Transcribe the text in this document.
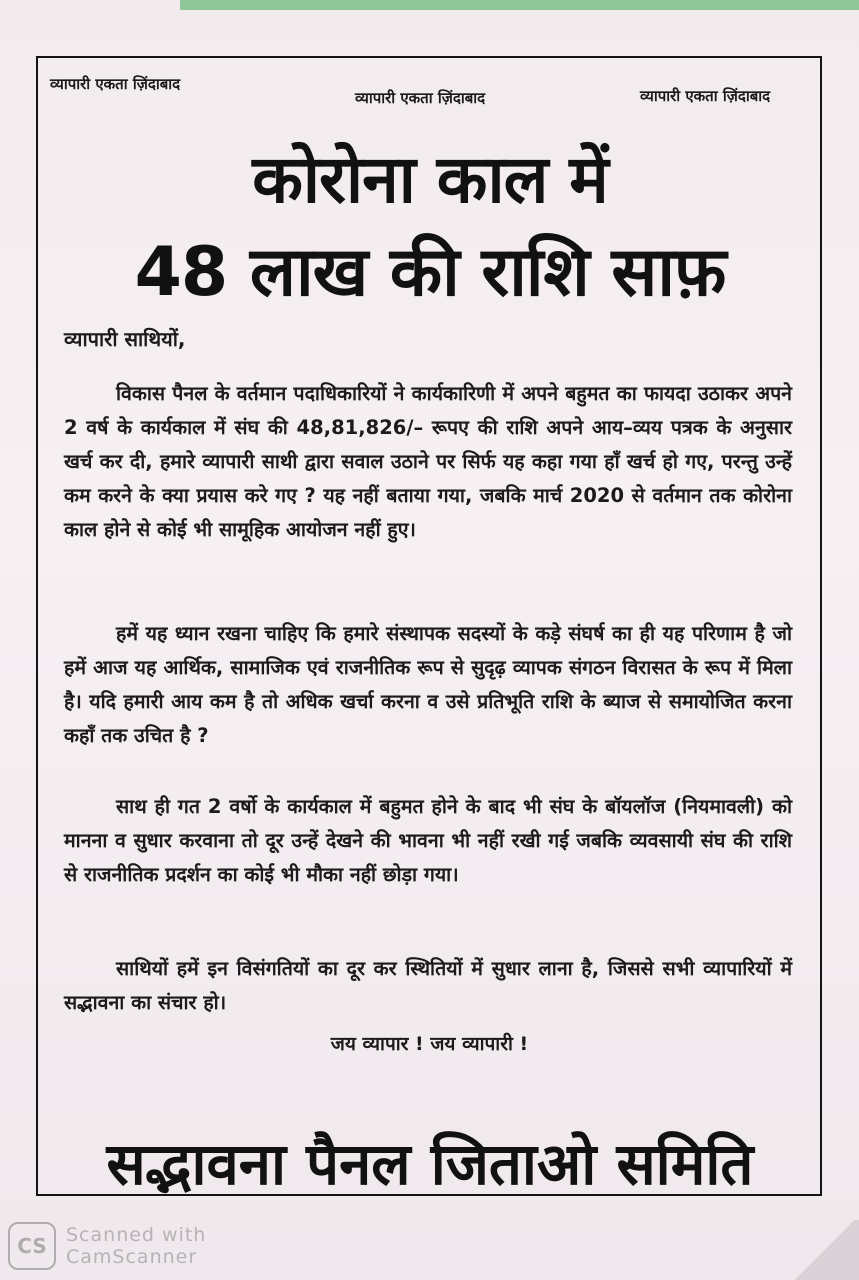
व्यापारी एकता ज़िंदाबाद
व्यापारी एकता ज़िंदाबाद	व्यापारी एकता ज़िंदाबाद
कोरोना काल में
48 लाख की राशि साफ़
व्यापारी साथियों,
विकास पैनल के वर्तमान पदाधिकारियों ने कार्यकारिणी में अपने बहुमत का फायदा उठाकर अपने 2 वर्ष के कार्यकाल में संघ की 48,81,826/– रूपए की राशि अपने आय–व्यय पत्रक के अनुसार खर्च कर दी, हमारे व्यापारी साथी द्वारा सवाल उठाने पर सिर्फ यह कहा गया हाँ खर्च हो गए, परन्तु उन्हें कम करने के क्या प्रयास करे गए ? यह नहीं बताया गया, जबकि मार्च 2020 से वर्तमान तक कोरोना काल होने से कोई भी सामूहिक आयोजन नहीं हुए।
हमें यह ध्यान रखना चाहिए कि हमारे संस्थापक सदस्यों के कड़े संघर्ष का ही यह परिणाम है जो हमें आज यह आर्थिक, सामाजिक एवं राजनीतिक रूप से सुदृढ़ व्यापक संगठन विरासत के रूप में मिला है। यदि हमारी आय कम है तो अधिक खर्चा करना व उसे प्रतिभूति राशि के ब्याज से समायोजित करना कहाँ तक उचित है ?
साथ ही गत 2 वर्षो के कार्यकाल में बहुमत होने के बाद भी संघ के बॉयलॉज (नियमावली) को मानना व सुधार करवाना तो दूर उन्हें देखने की भावना भी नहीं रखी गई जबकि व्यवसायी संघ की राशि से राजनीतिक प्रदर्शन का कोई भी मौका नहीं छोड़ा गया।
साथियों हमें इन विसंगतियों का दूर कर स्थितियों में सुधार लाना है, जिससे सभी व्यापारियों में सद्भावना का संचार हो।
जय व्यापार ! जय व्यापारी !
सद्भावना पैनल जिताओ समिति
CS	Scanned with
CamScanner
